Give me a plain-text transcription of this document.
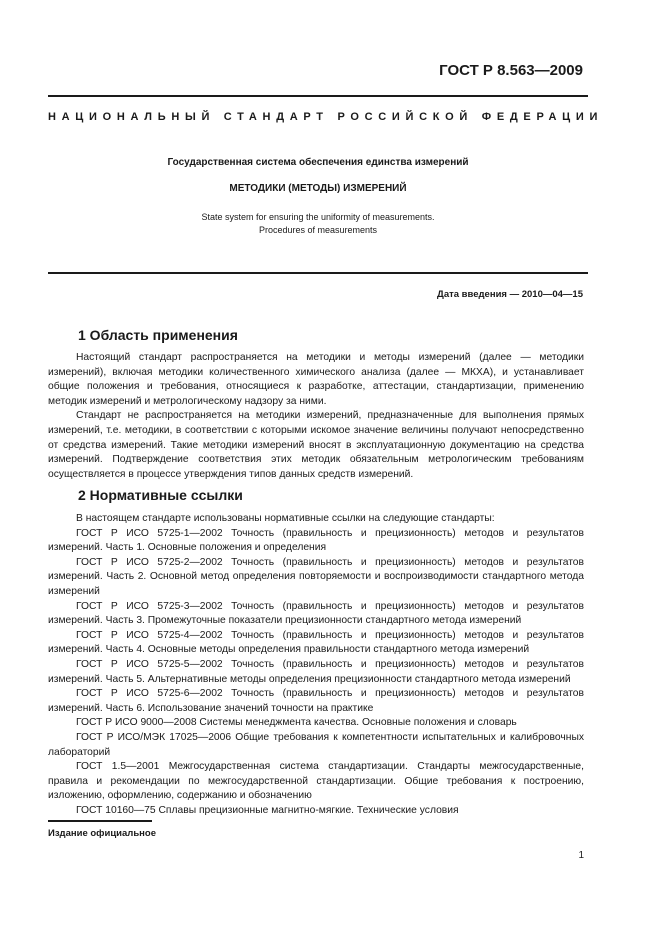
ГОСТ Р 8.563—2009
НАЦИОНАЛЬНЫЙ СТАНДАРТ РОССИЙСКОЙ ФЕДЕРАЦИИ
Государственная система обеспечения единства измерений
МЕТОДИКИ (МЕТОДЫ) ИЗМЕРЕНИЙ
State system for ensuring the uniformity of measurements.
Procedures of measurements
Дата введения — 2010—04—15
1 Область применения

Настоящий стандарт распространяется на методики и методы измерений (далее — методики измерений), включая методики количественного химического анализа (далее — МКХА), и устанавливает общие положения и требования, относящиеся к разработке, аттестации, стандартизации, применению методик измерений и метрологическому надзору за ними.

Стандарт не распространяется на методики измерений, предназначенные для выполнения прямых измерений, т.е. методики, в соответствии с которыми искомое значение величины получают непосредственно от средства измерений. Такие методики измерений вносят в эксплуатационную документацию на средства измерений. Подтверждение соответствия этих методик обязательным метрологическим требованиям осуществляется в процессе утверждения типов данных средств измерений.

2 Нормативные ссылки

В настоящем стандарте использованы нормативные ссылки на следующие стандарты:

ГОСТ Р ИСО 5725-1—2002 Точность (правильность и прецизионность) методов и результатов измерений. Часть 1. Основные положения и определения

ГОСТ Р ИСО 5725-2—2002 Точность (правильность и прецизионность) методов и результатов измерений. Часть 2. Основной метод определения повторяемости и воспроизводимости стандартного метода измерений

ГОСТ Р ИСО 5725-3—2002 Точность (правильность и прецизионность) методов и результатов измерений. Часть 3. Промежуточные показатели прецизионности стандартного метода измерений

ГОСТ Р ИСО 5725-4—2002 Точность (правильность и прецизионность) методов и результатов измерений. Часть 4. Основные методы определения правильности стандартного метода измерений

ГОСТ Р ИСО 5725-5—2002 Точность (правильность и прецизионность) методов и результатов измерений. Часть 5. Альтернативные методы определения прецизионности стандартного метода измерений

ГОСТ Р ИСО 5725-6—2002 Точность (правильность и прецизионность) методов и результатов измерений. Часть 6. Использование значений точности на практике

ГОСТ Р ИСО 9000—2008 Системы менеджмента качества. Основные положения и словарь

ГОСТ Р ИСО/МЭК 17025—2006 Общие требования к компетентности испытательных и калибровочных лабораторий

ГОСТ 1.5—2001 Межгосударственная система стандартизации. Стандарты межгосударственные, правила и рекомендации по межгосударственной стандартизации. Общие требования к построению, изложению, оформлению, содержанию и обозначению

ГОСТ 10160—75 Сплавы прецизионные магнитно-мягкие. Технические условия

Издание официальное
1
